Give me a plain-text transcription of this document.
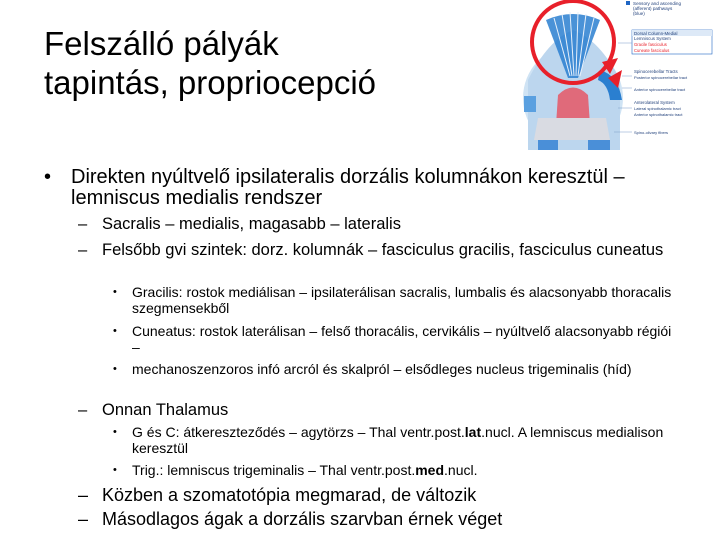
Felszálló pályák
tapintás, propriocepció
Sensory and ascending
(afferent) pathways
(blue)
Dorsal Column-Medial
Lemniscus System
Gracile fasciculus
Cuneate fasciculus
Spinocerebellar Tracts
Posterior spinocerebellar tract
Anterior spinocerebellar tract
Anterolateral System
Lateral spinothalamic tract
Anterior spinothalamic tract
Spino-olivary fibers
• Direkten nyúltvelő ipsilateralis dorzális kolumnákon keresztül – lemniscus medialis rendszer
– Sacralis – medialis, magasabb – lateralis
– Felsőbb gvi szintek: dorz. kolumnák – fasciculus gracilis, fasciculus cuneatus
• Gracilis: rostok mediálisan – ipsilaterálisan sacralis, lumbalis és alacsonyabb thoracalis szegmensekből
• Cuneatus: rostok laterálisan – felső thoracális, cervikális – nyúltvelő alacsonyabb régiói –
• mechanoszenzoros infó arcról és skalpról – elsődleges nucleus trigeminalis (híd)
– Onnan Thalamus
• G és C: átkereszteződés – agytörzs – Thal ventr.post.lat.nucl. A lemniscus medialison keresztül
• Trig.: lemniscus trigeminalis – Thal ventr.post.med.nucl.
– Közben a szomatotópia megmarad, de változik
– Másodlagos ágak a dorzális szarvban érnek véget
